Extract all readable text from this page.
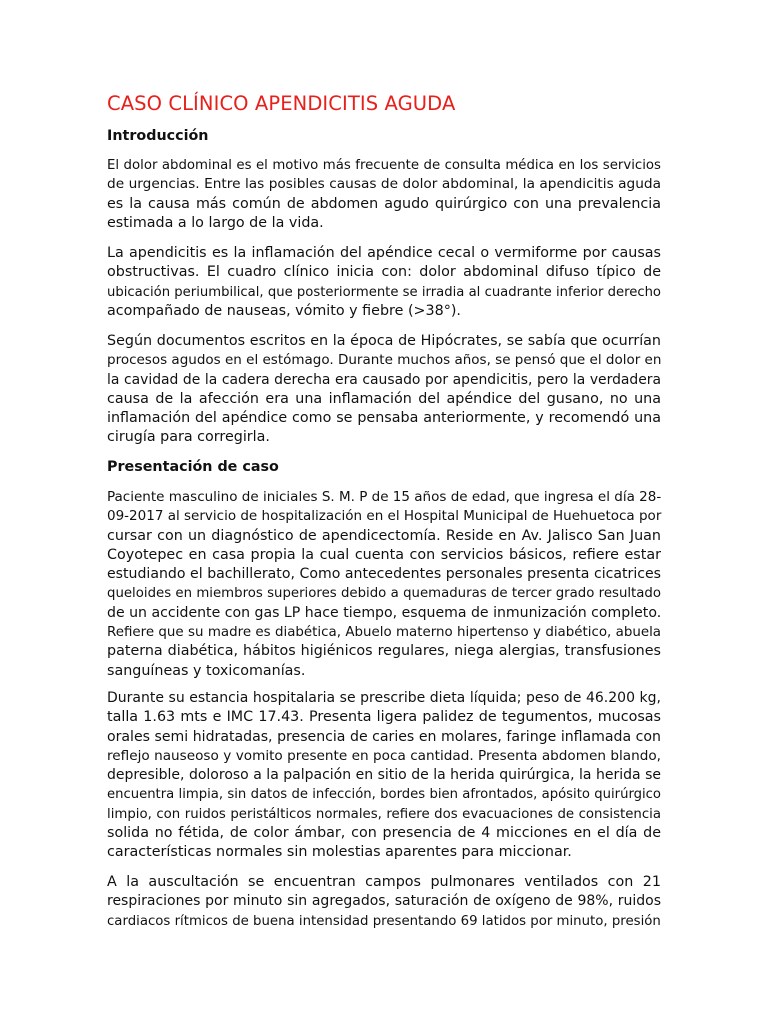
CASO CLÍNICO APENDICITIS AGUDA
Introducción
El dolor abdominal es el motivo más frecuente de consulta médica en los servicios
de urgencias. Entre las posibles causas de dolor abdominal, la apendicitis aguda
es la causa más común de abdomen agudo quirúrgico con una prevalencia
estimada a lo largo de la vida.
La apendicitis es la inflamación del apéndice cecal o vermiforme por causas
obstructivas. El cuadro clínico inicia con: dolor abdominal difuso típico de
ubicación periumbilical, que posteriormente se irradia al cuadrante inferior derecho
acompañado de nauseas, vómito y fiebre (>38°).
Según documentos escritos en la época de Hipócrates, se sabía que ocurrían
procesos agudos en el estómago. Durante muchos años, se pensó que el dolor en
la cavidad de la cadera derecha era causado por apendicitis, pero la verdadera
causa de la afección era una inflamación del apéndice del gusano, no una
inflamación del apéndice como se pensaba anteriormente, y recomendó una
cirugía para corregirla.
Presentación de caso
Paciente masculino de iniciales S. M. P de 15 años de edad, que ingresa el día 28-
09-2017 al servicio de hospitalización en el Hospital Municipal de Huehuetoca por
cursar con un diagnóstico de apendicectomía. Reside en Av. Jalisco San Juan
Coyotepec en casa propia la cual cuenta con servicios básicos, refiere estar
estudiando el bachillerato, Como antecedentes personales presenta cicatrices
queloides en miembros superiores debido a quemaduras de tercer grado resultado
de un accidente con gas LP hace tiempo, esquema de inmunización completo.
Refiere que su madre es diabética, Abuelo materno hipertenso y diabético, abuela
paterna diabética, hábitos higiénicos regulares, niega alergias, transfusiones
sanguíneas y toxicomanías.
Durante su estancia hospitalaria se prescribe dieta líquida; peso de 46.200 kg,
talla 1.63 mts e IMC 17.43. Presenta ligera palidez de tegumentos, mucosas
orales semi hidratadas, presencia de caries en molares, faringe inflamada con
reflejo nauseoso y vomito presente en poca cantidad. Presenta abdomen blando,
depresible, doloroso a la palpación en sitio de la herida quirúrgica, la herida se
encuentra limpia, sin datos de infección, bordes bien afrontados, apósito quirúrgico
limpio, con ruidos peristálticos normales, refiere dos evacuaciones de consistencia
solida no fétida, de color ámbar, con presencia de 4 micciones en el día de
características normales sin molestias aparentes para miccionar.
A la auscultación se encuentran campos pulmonares ventilados con 21
respiraciones por minuto sin agregados, saturación de oxígeno de 98%, ruidos
cardiacos rítmicos de buena intensidad presentando 69 latidos por minuto, presión
